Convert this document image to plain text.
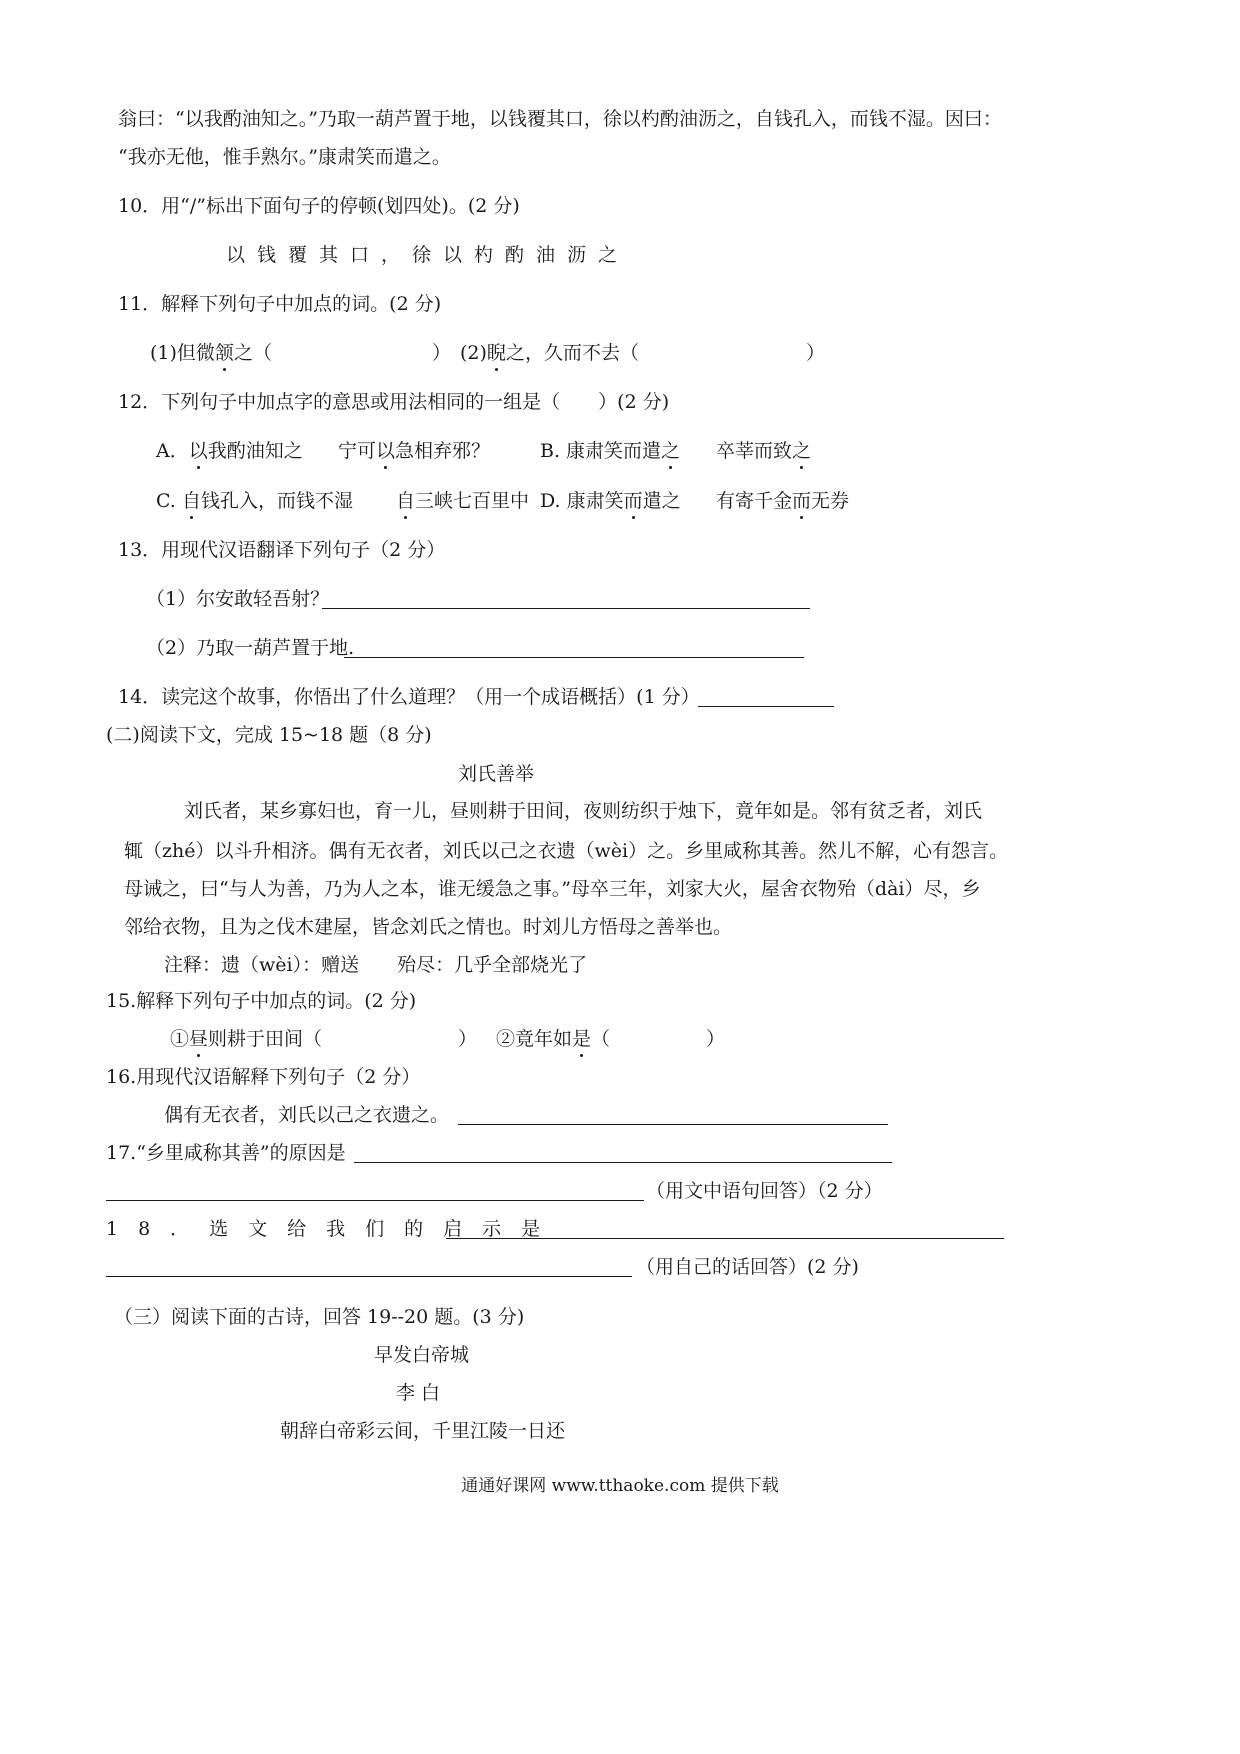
翁曰：“以我酌油知之。”乃取一葫芦置于地，以钱覆其口，徐以杓酌油沥之，自钱孔入，而钱不湿。因曰：
“我亦无他，惟手熟尔。”康肃笑而遣之。
10．用“/”标出下面句子的停顿(划四处)。(2 分)
以钱覆其口，徐以杓酌油沥之
11．解释下列句子中加点的词。(2 分)
(1)但微颔之（	） (2)睨之，久而不去（	）
12．下列句子中加点字的意思或用法相同的一组是（　　）(2 分)
A．以我酌油知之 宁可以急相弃邪？	B. 康肃笑而遣之 卒莘而致之
C. 自钱孔入，而钱不湿 自三峡七百里中 D. 康肃笑而遣之 有寄千金而无券
13．用现代汉语翻译下列句子（2 分）
（1）尔安敢轻吾射？
（2）乃取一葫芦置于地.
14．读完这个故事，你悟出了什么道理？（用一个成语概括）(1 分）
(二)阅读下文，完成 15~18 题（8 分)
刘氏善举
刘氏者，某乡寡妇也，育一儿，昼则耕于田间，夜则纺织于烛下，竟年如是。邻有贫乏者，刘氏
辄（zhé）以斗升相济。偶有无衣者，刘氏以己之衣遗（wèi）之。乡里咸称其善。然儿不解，心有怨言。
母诫之，曰“与人为善，乃为人之本，谁无缓急之事。”母卒三年，刘家大火，屋舍衣物殆（dài）尽，乡
邻给衣物，且为之伐木建屋，皆念刘氏之情也。时刘儿方悟母之善举也。
注释：遗（wèi）：赠送　　殆尽：几乎全部烧光了
15.解释下列句子中加点的词。(2 分)
①昼则耕于田间（	） ②竟年如是（	）
16.用现代汉语解释下列句子（2 分）
偶有无衣者，刘氏以己之衣遗之。
17.“乡里咸称其善”的原因是
（用文中语句回答）（2 分）
18．选文给我们的启示是
（用自己的话回答）(2 分)
（三）阅读下面的古诗，回答 19--20 题。(3 分)
早发白帝城
李 白
朝辞白帝彩云间，千里江陵一日还
通通好课网 www.tthaoke.com 提供下载
